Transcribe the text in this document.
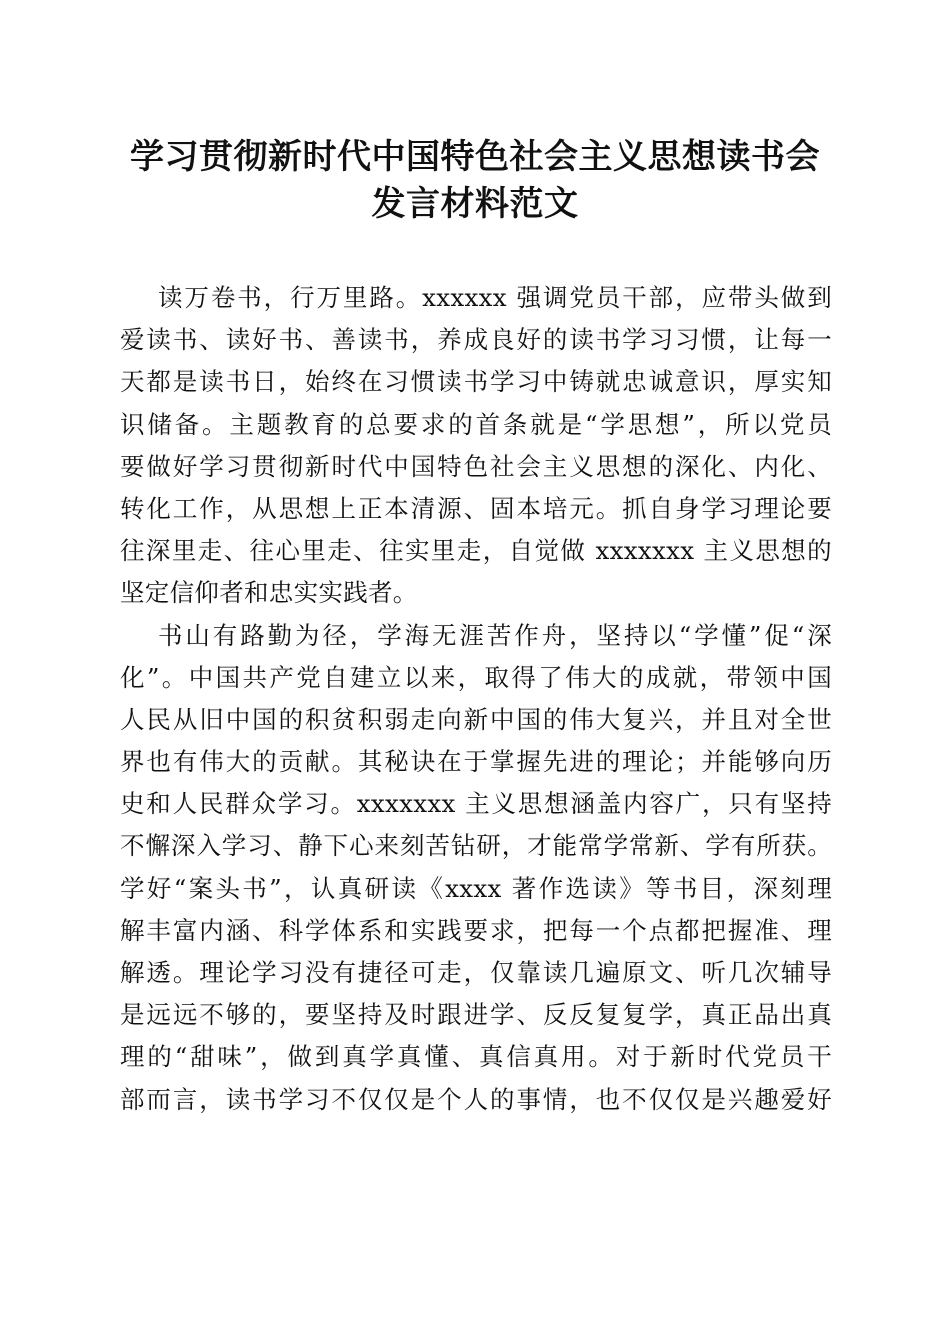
学习贯彻新时代中国特色社会主义思想读书会
发言材料范文
读万卷书，行万里路。xxxxxx 强调党员干部，应带头做到
爱读书、读好书、善读书，养成良好的读书学习习惯，让每一
天都是读书日，始终在习惯读书学习中铸就忠诚意识，厚实知
识储备。主题教育的总要求的首条就是“学思想”，所以党员
要做好学习贯彻新时代中国特色社会主义思想的深化、内化、
转化工作，从思想上正本清源、固本培元。抓自身学习理论要
往深里走、往心里走、往实里走，自觉做 xxxxxxx 主义思想的
坚定信仰者和忠实实践者。
书山有路勤为径，学海无涯苦作舟，坚持以“学懂”促“深
化”。中国共产党自建立以来，取得了伟大的成就，带领中国
人民从旧中国的积贫积弱走向新中国的伟大复兴，并且对全世
界也有伟大的贡献。其秘诀在于掌握先进的理论；并能够向历
史和人民群众学习。xxxxxxx 主义思想涵盖内容广，只有坚持
不懈深入学习、静下心来刻苦钻研，才能常学常新、学有所获。
学好“案头书”，认真研读《xxxx 著作选读》等书目，深刻理
解丰富内涵、科学体系和实践要求，把每一个点都把握准、理
解透。理论学习没有捷径可走，仅靠读几遍原文、听几次辅导
是远远不够的，要坚持及时跟进学、反反复复学，真正品出真
理的“甜味”，做到真学真懂、真信真用。对于新时代党员干
部而言，读书学习不仅仅是个人的事情，也不仅仅是兴趣爱好
